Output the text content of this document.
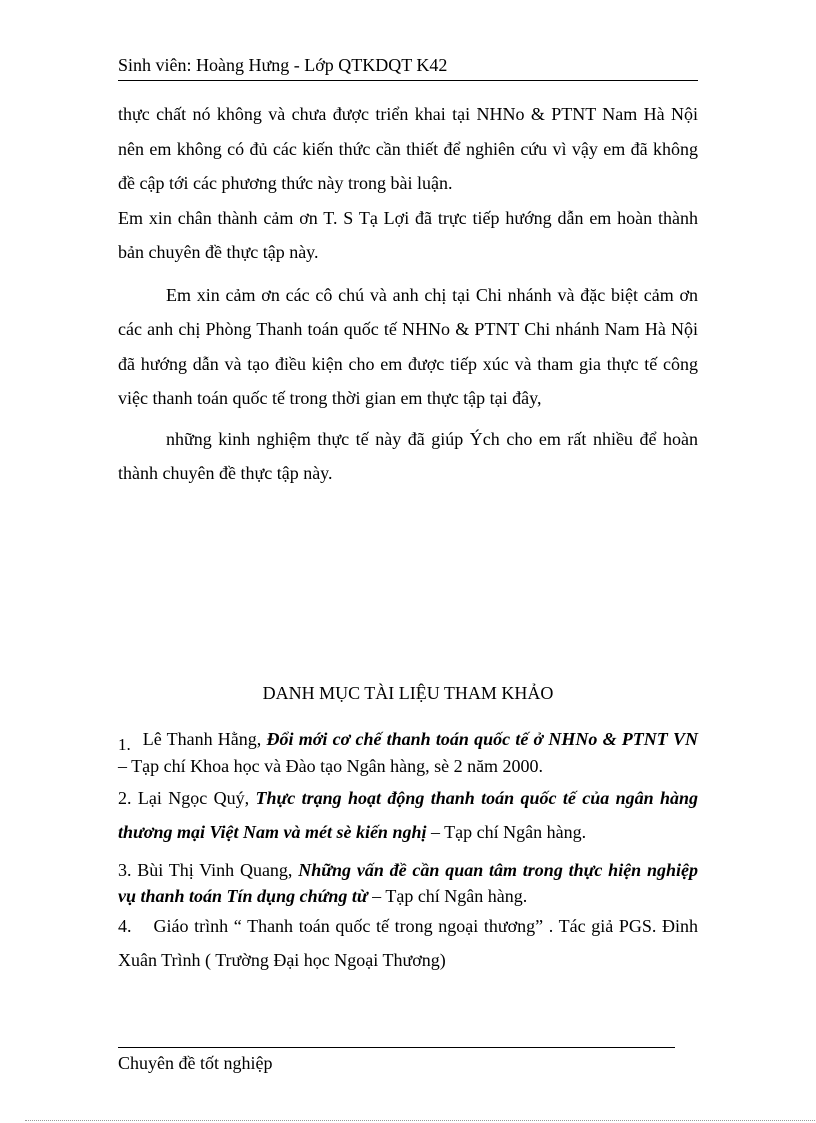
Sinh viên: Hoàng Hưng - Lớp QTKDQT K42

thực chất nó không và chưa được triển khai tại NHNo & PTNT Nam Hà Nội nên em không có đủ các kiến thức cần thiết để nghiên cứu vì vậy em đã không đề cập tới các phương thức này trong bài luận.

Em xin chân thành cảm ơn T. S Tạ Lợi đã trực tiếp hướng dẫn em hoàn thành bản chuyên đề thực tập này.

Em xin cảm ơn các cô chú và anh chị tại Chi nhánh và đặc biệt cảm ơn các anh chị Phòng Thanh toán quốc tế NHNo & PTNT Chi nhánh Nam Hà Nội đã hướng dẫn và tạo điều kiện cho em được tiếp xúc và tham gia thực tế công việc thanh toán quốc tế trong thời gian em thực tập tại đây,

những kinh nghiệm thực tế này đã giúp Ých cho em rất nhiều để hoàn thành chuyên đề thực tập này.

DANH MỤC TÀI LIỆU THAM KHẢO

1. Lê Thanh Hằng, Đổi mới cơ chế thanh toán quốc tế ở NHNo & PTNT VN – Tạp chí Khoa học và Đào tạo Ngân hàng, sè 2 năm 2000.

2. Lại Ngọc Quý, Thực trạng hoạt động thanh toán quốc tế của ngân hàng thương mại Việt Nam và mét sè kiến nghị – Tạp chí Ngân hàng.

3. Bùi Thị Vinh Quang, Những vấn đề cần quan tâm trong thực hiện nghiệp vụ thanh toán Tín dụng chứng từ – Tạp chí Ngân hàng.

4. Giáo trình “ Thanh toán quốc tế trong ngoại thương” . Tác giả PGS. Đinh Xuân Trình ( Trường Đại học Ngoại Thương)

Chuyên đề tốt nghiệp
